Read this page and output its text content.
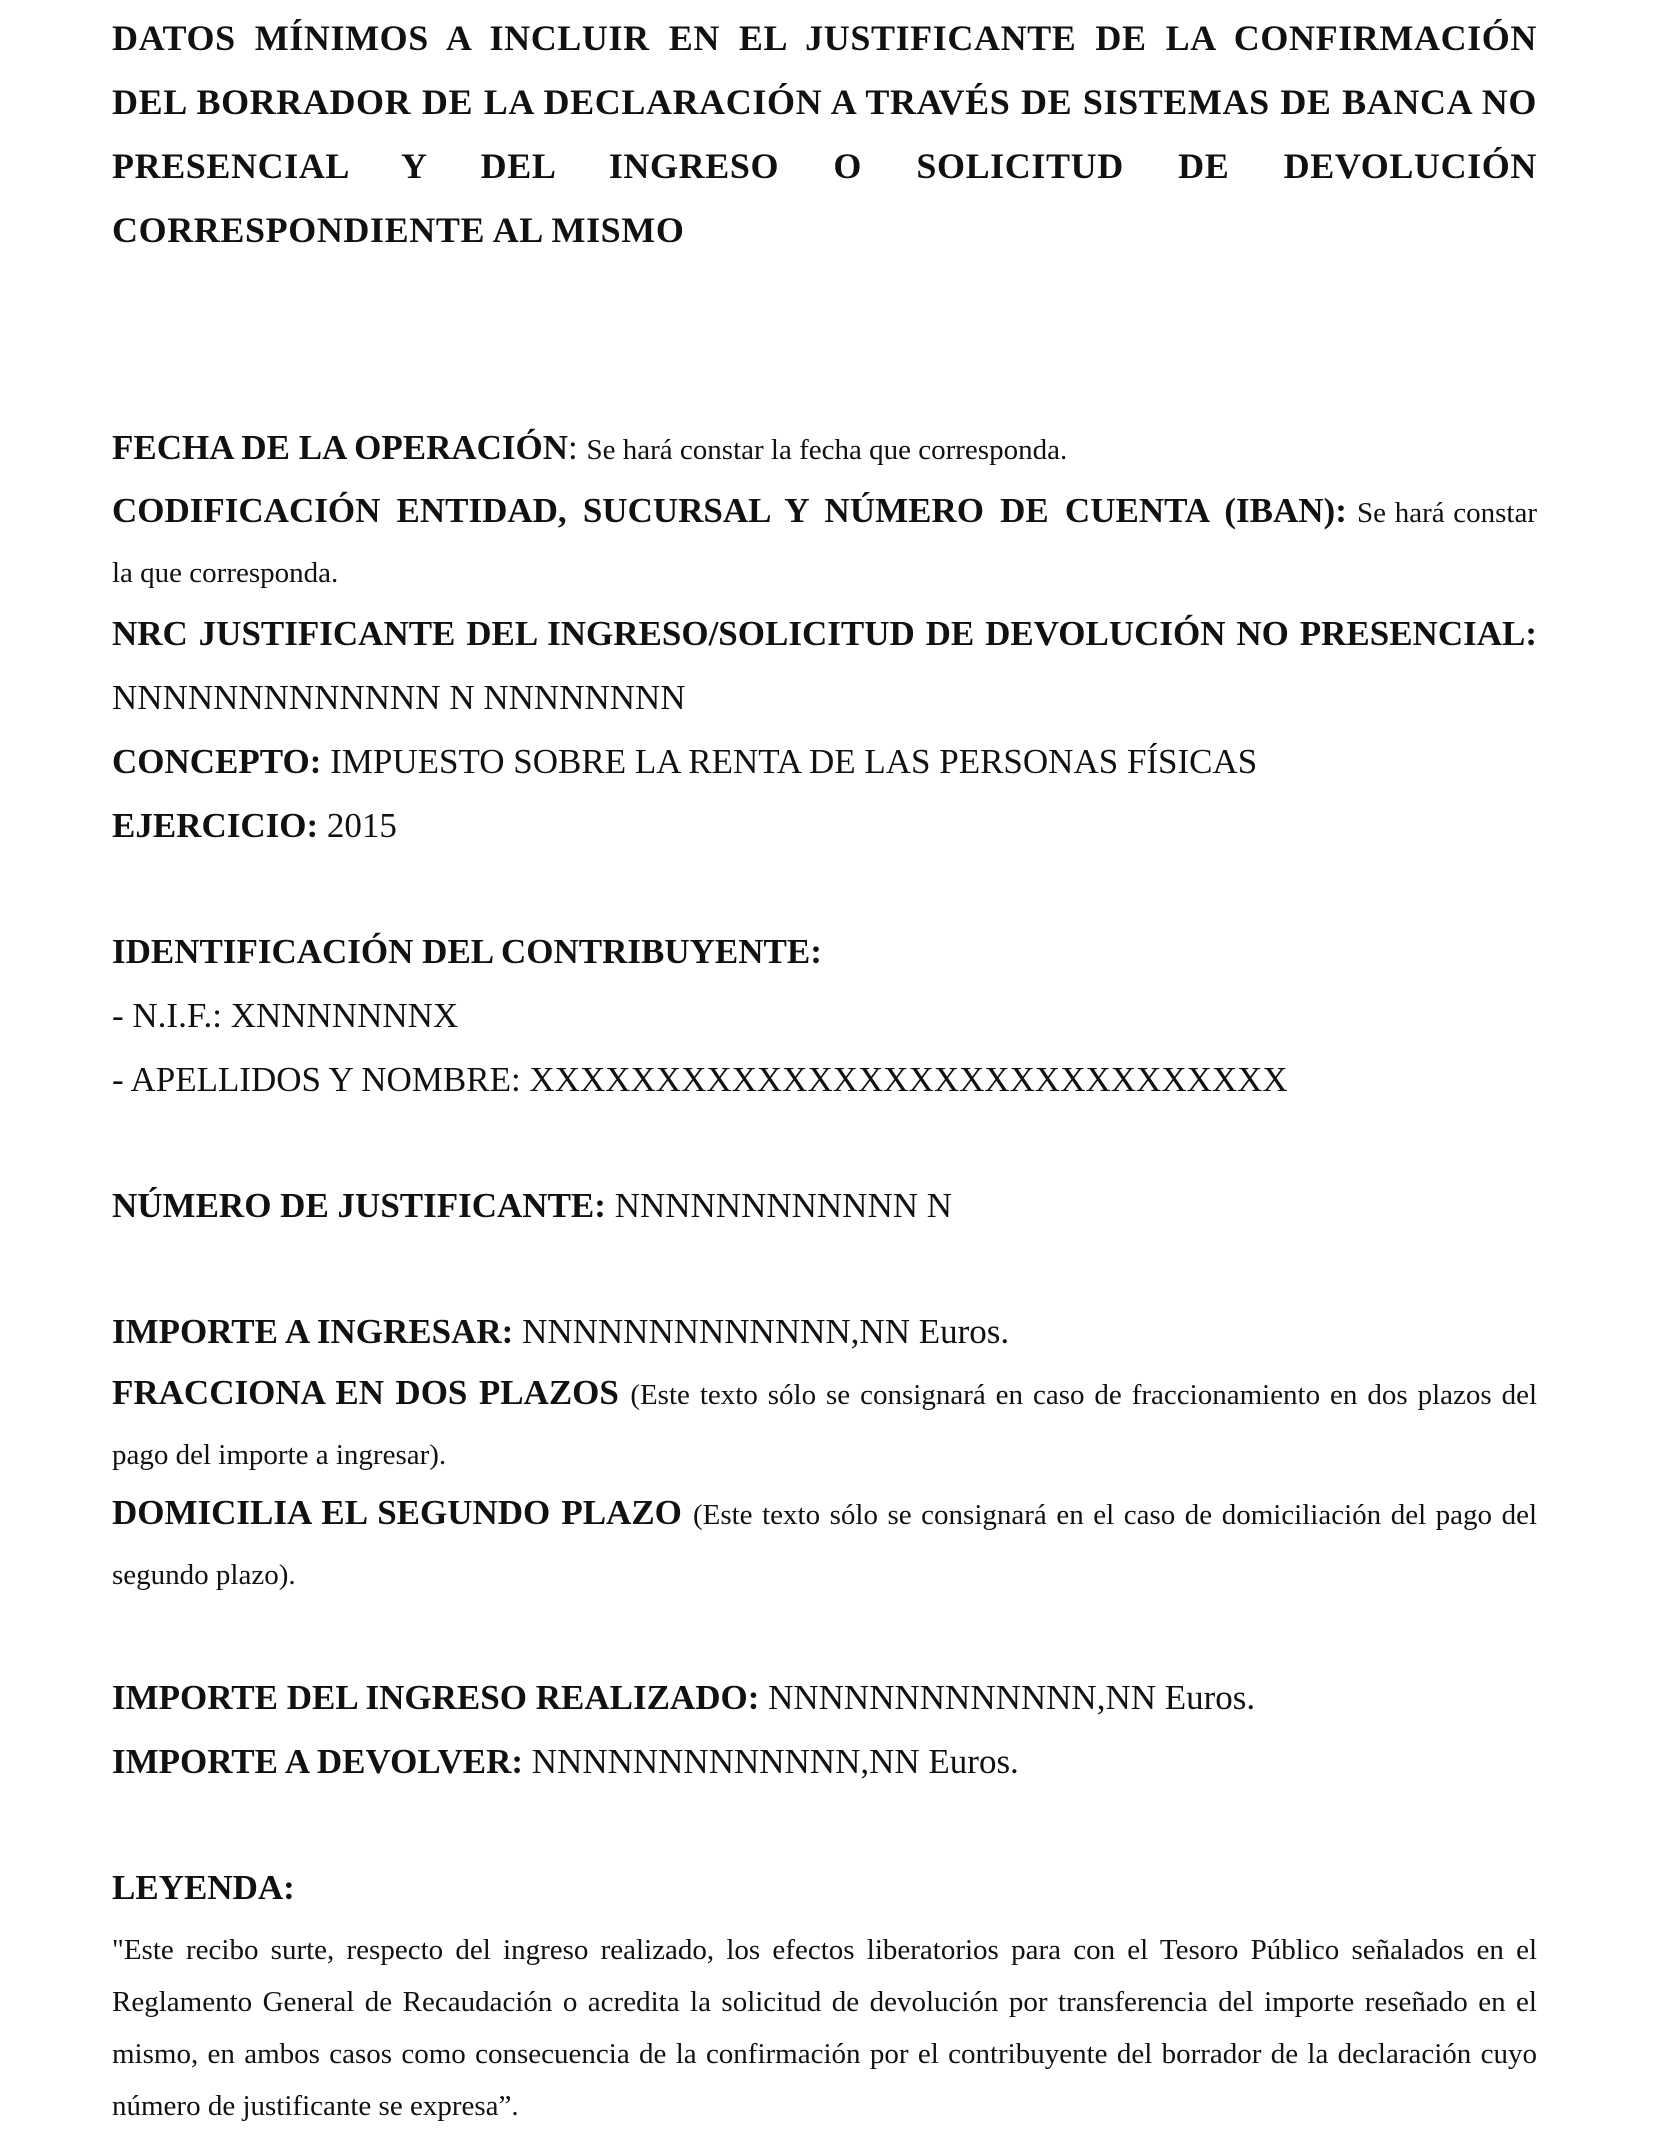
DATOS MÍNIMOS A INCLUIR EN EL JUSTIFICANTE DE LA CONFIRMACIÓN DEL BORRADOR DE LA DECLARACIÓN A TRAVÉS DE SISTEMAS DE BANCA NO PRESENCIAL Y DEL INGRESO O SOLICITUD DE DEVOLUCIÓN CORRESPONDIENTE AL MISMO

FECHA DE LA OPERACIÓN: Se hará constar la fecha que corresponda.

CODIFICACIÓN ENTIDAD, SUCURSAL Y NÚMERO DE CUENTA (IBAN): Se hará constar la que corresponda.

NRC JUSTIFICANTE DEL INGRESO/SOLICITUD DE DEVOLUCIÓN NO PRESENCIAL: NNNNNNNNNNNNN N NNNNNNNN

CONCEPTO: IMPUESTO SOBRE LA RENTA DE LAS PERSONAS FÍSICAS

EJERCICIO: 2015

IDENTIFICACIÓN DEL CONTRIBUYENTE:

- N.I.F.: XNNNNNNNX

- APELLIDOS Y NOMBRE: XXXXXXXXXXXXXXXXXXXXXXXXXXXXXX

NÚMERO DE JUSTIFICANTE: NNNNNNNNNNNN N

IMPORTE A INGRESAR: NNNNNNNNNNNNN,NN Euros.

FRACCIONA EN DOS PLAZOS (Este texto sólo se consignará en caso de fraccionamiento en dos plazos del pago del importe a ingresar).

DOMICILIA EL SEGUNDO PLAZO (Este texto sólo se consignará en el caso de domiciliación del pago del segundo plazo).

IMPORTE DEL INGRESO REALIZADO: NNNNNNNNNNNNN,NN Euros.

IMPORTE A DEVOLVER: NNNNNNNNNNNNN,NN Euros.

LEYENDA:

"Este recibo surte, respecto del ingreso realizado, los efectos liberatorios para con el Tesoro Público señalados en el Reglamento General de Recaudación o acredita la solicitud de devolución por transferencia del importe reseñado en el mismo, en ambos casos como consecuencia de la confirmación por el contribuyente del borrador de la declaración cuyo número de justificante se expresa”.
